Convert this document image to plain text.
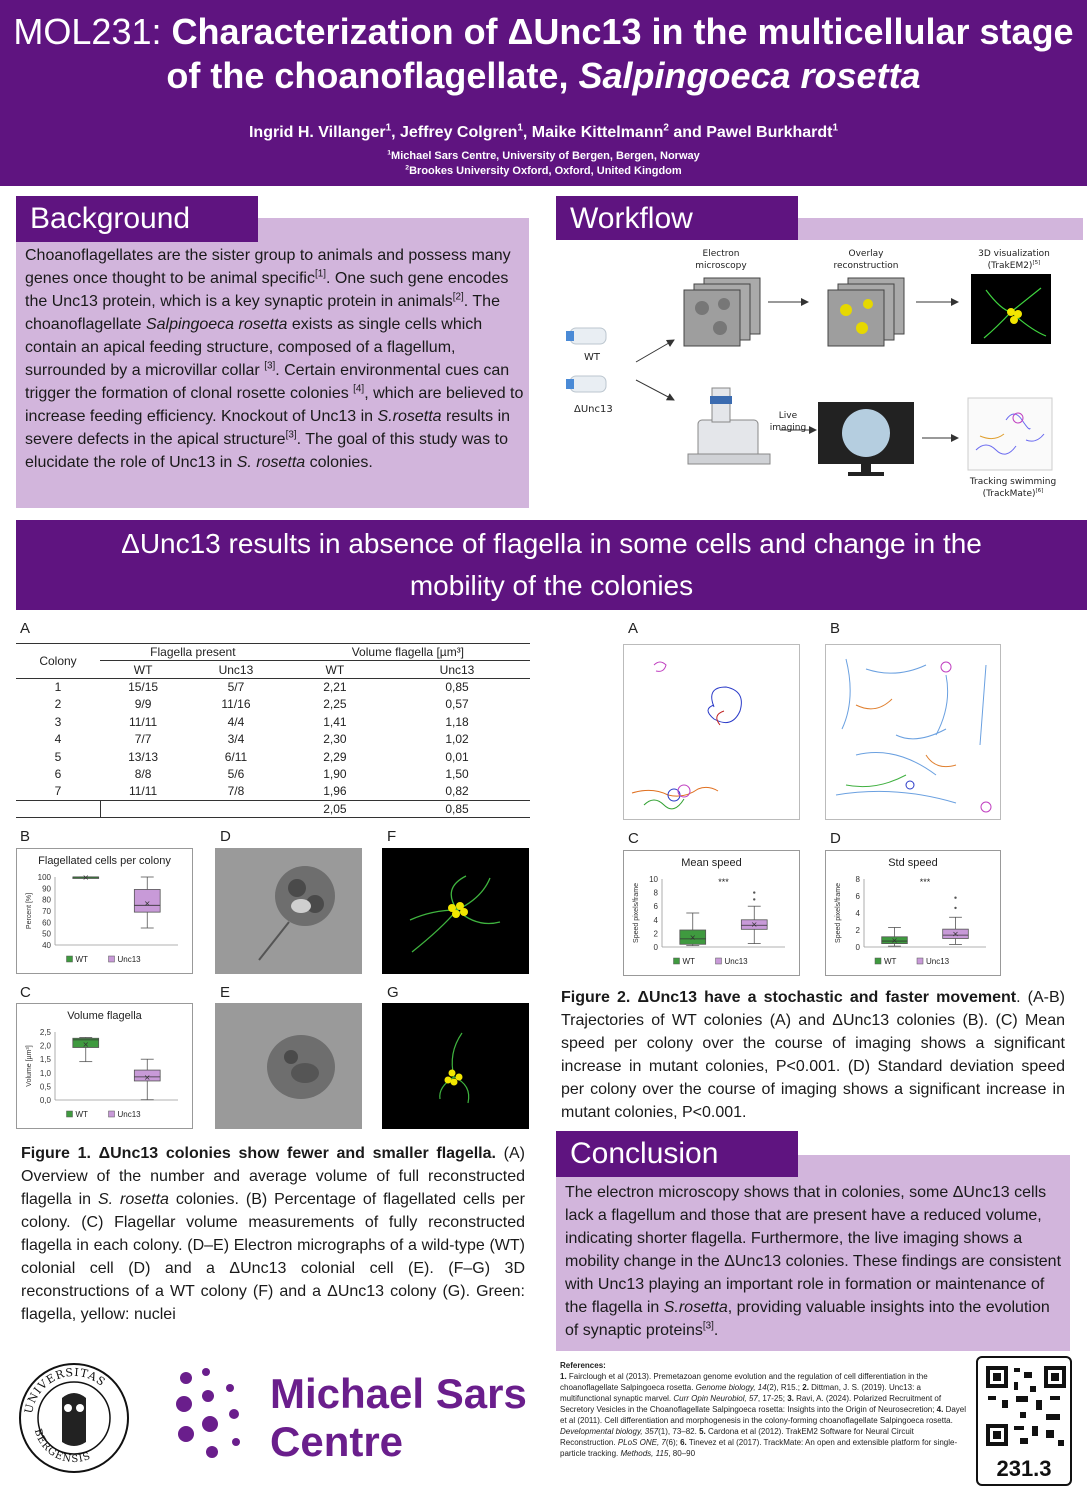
MOL231: Characterization of ΔUnc13 in the multicellular stage of the choanoflagellate, Salpingoeca rosetta
Ingrid H. Villanger$^1$, Jeffrey Colgren$^1$, Maike Kittelmann$^2$ and Pawel Burkhardt$^1$
$^1$Michael Sars Centre, University of Bergen, Bergen, Norway
$^2$Brookes University Oxford, Oxford, United Kingdom
Background
Choanoflagellates are the sister group to animals and possess many genes once thought to be animal specific[1]. One such gene encodes the Unc13 protein, which is a key synaptic protein in animals[2]. The choanoflagellate Salpingoeca rosetta exists as single cells which contain an apical feeding structure, composed of a flagellum, surrounded by a microvillar collar [3]. Certain environmental cues can trigger the formation of clonal rosette colonies [4], which are believed to increase feeding efficiency. Knockout of Unc13 in S.rosetta results in severe defects in the apical structure[3]. The goal of this study was to elucidate the role of Unc13 in S. rosetta colonies.
Workflow
Electron microscopy
Overlay reconstruction
3D visualization (TrakEM2)[5]
WT
ΔUnc13
Live imaging
Tracking swimming (TrackMate)[6]
ΔUnc13 results in absence of flagella in some cells and change in the
mobility of the colonies
A
Colony	Flagella present		Volume flagella [µm³]	
	WT	Unc13	WT	Unc13
1	15/15	5/7	2,21	0,85
2	9/9	11/16	2,25	0,57
3	11/11	4/4	1,41	1,18
4	7/7	3/4	2,30	1,02
5	13/13	6/11	2,29	0,01
6	8/8	5/6	1,90	1,50
7	11/11	7/8	1,96	0,82
			2,05	0,85
B
Flagellated cells per colony
40
50
60
70
80
90
100
Percent [%]
×
×
WT	Unc13
D	F
C
Volume flagella
0,0
0,5
1,0
1,5
2,0
2,5
Volume [µm³]
×
×
WT	Unc13
E	G
Figure 1. ΔUnc13 colonies show fewer and smaller flagella. (A) Overview of the number and average volume of full reconstructed flagella in S. rosetta colonies. (B) Percentage of flagellated cells per colony. (C) Flagellar volume measurements of fully reconstructed flagella in each colony. (D–E) Electron micrographs of a wild-type (WT) colonial cell (D) and a ΔUnc13 colonial cell (E). (F–G) 3D reconstructions of a WT colony (F) and a ΔUnc13 colony (G). Green: flagella, yellow: nuclei
A	B
C
Mean speed
0
2
4
6
8
10
Speed pixels/frame
***
×
×
WT	Unc13
D
Std speed
0
2
4
6
8
Speed pixels/frame
***
×
×
WT	Unc13
Figure 2. ΔUnc13 have a stochastic and faster movement. (A-B) Trajectories of WT colonies (A) and ΔUnc13 colonies (B). (C) Mean speed per colony over the course of imaging shows a significant increase in mutant colonies, P<0.001. (D) Standard deviation speed per colony over the course of imaging shows a significant increase in mutant colonies, P<0.001.
Conclusion
The electron microscopy shows that in colonies, some ΔUnc13 cells lack a flagellum and those that are present have a reduced volume, indicating shorter flagella. Furthermore, the live imaging shows a mobility change in the ΔUnc13 colonies. These findings are consistent with Unc13 playing an important role in formation or maintenance of the flagella in S.rosetta, providing valuable insights into the evolution of synaptic proteins[3].
UNIVERSITAS
BERGENSIS
Michael Sars
Centre
References:
1. Fairclough et al (2013). Premetazoan genome evolution and the regulation of cell differentiation in the choanoflagellate Salpingoeca rosetta. Genome biology, 14(2), R15.; 2. Dittman, J. S. (2019). Unc13: a multifunctional synaptic marvel. Curr Opin Neurobiol, 57, 17-25; 3. Ravi, A. (2024). Polarized Recruitment of Secretory Vesicles in the Choanoflagellate Salpingoeca rosetta: Insights into the Origin of Neurosecretion; 4. Dayel et al (2011). Cell differentiation and morphogenesis in the colony-forming choanoflagellate Salpingoeca rosetta. Developmental biology, 357(1), 73–82. 5. Cardona et al (2012). TrakEM2 Software for Neural Circuit Reconstruction. PLoS ONE, 7(6); 6. Tinevez et al (2017). TrackMate: An open and extensible platform for single-particle tracking. Methods, 115, 80–90
231.3
